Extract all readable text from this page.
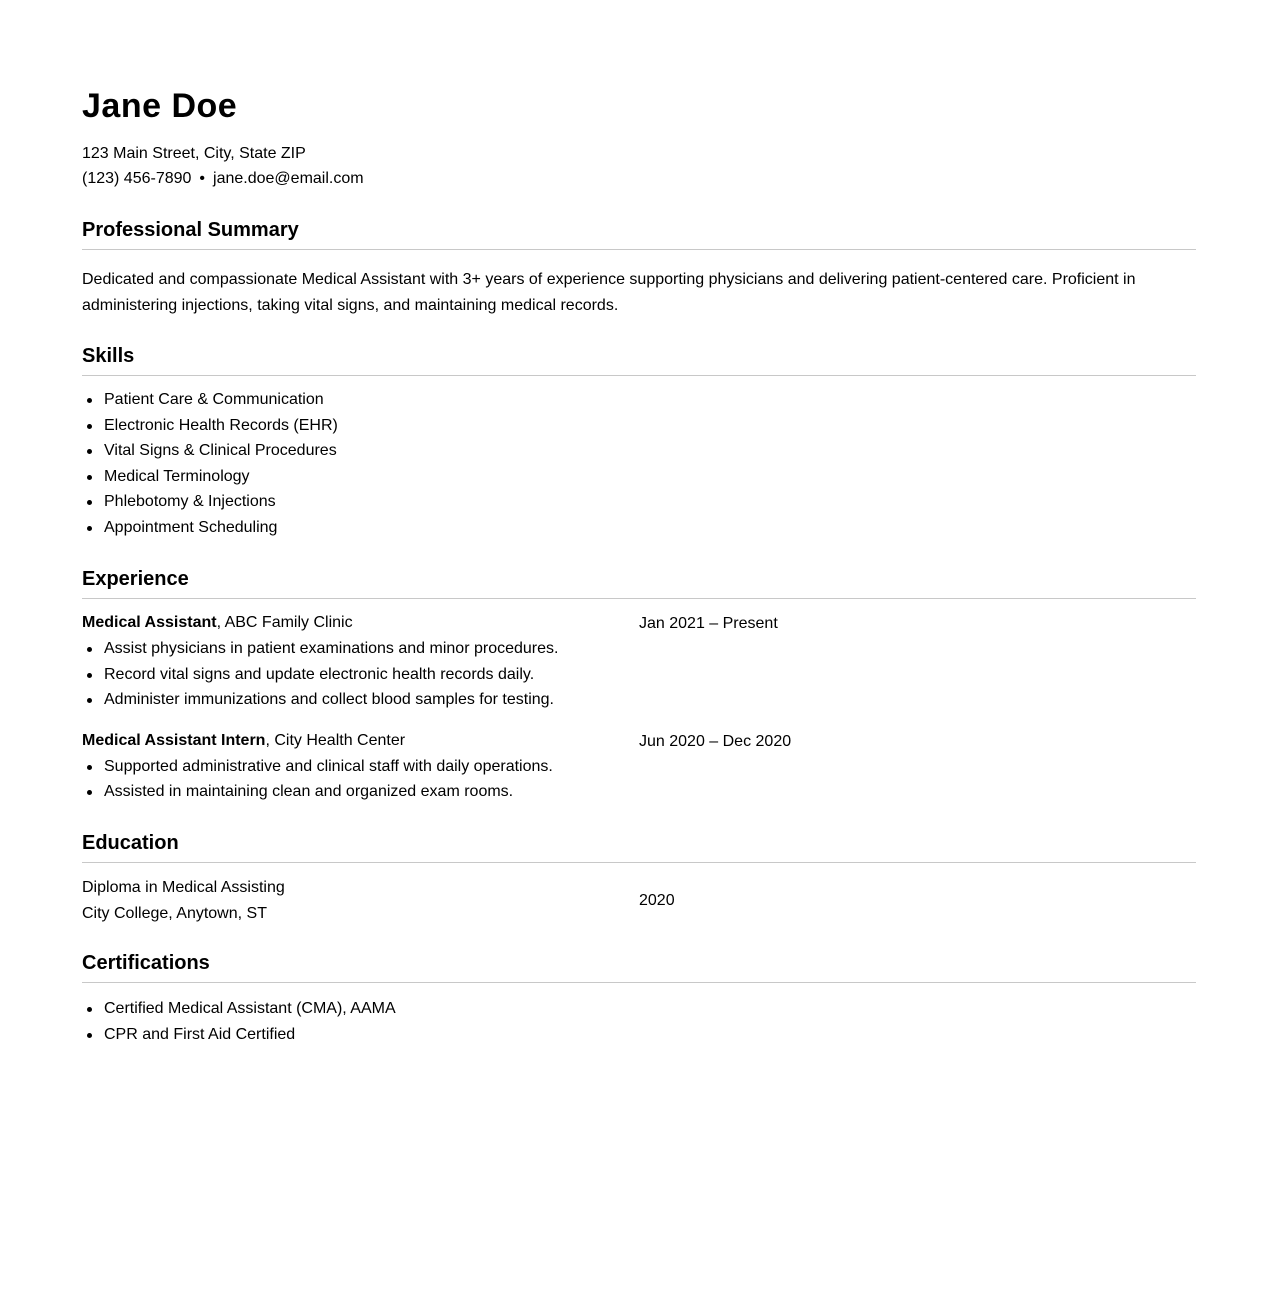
Jane Doe
123 Main Street, City, State ZIP
(123) 456-7890 • jane.doe@email.com
Professional Summary

Dedicated and compassionate Medical Assistant with 3+ years of experience supporting physicians and delivering patient-centered care. Proficient in administering injections, taking vital signs, and maintaining medical records.

Skills
Patient Care & Communication
Electronic Health Records (EHR)
Vital Signs & Clinical Procedures
Medical Terminology
Phlebotomy & Injections
Appointment Scheduling
Experience
Medical Assistant, ABC Family Clinic	Jan 2021 – Present
Assist physicians in patient examinations and minor procedures.
Record vital signs and update electronic health records daily.
Administer immunizations and collect blood samples for testing.
Medical Assistant Intern, City Health Center	Jun 2020 – Dec 2020
Supported administrative and clinical staff with daily operations.
Assisted in maintaining clean and organized exam rooms.
Education
Diploma in Medical Assisting
City College, Anytown, ST
2020
Certifications
Certified Medical Assistant (CMA), AAMA
CPR and First Aid Certified
